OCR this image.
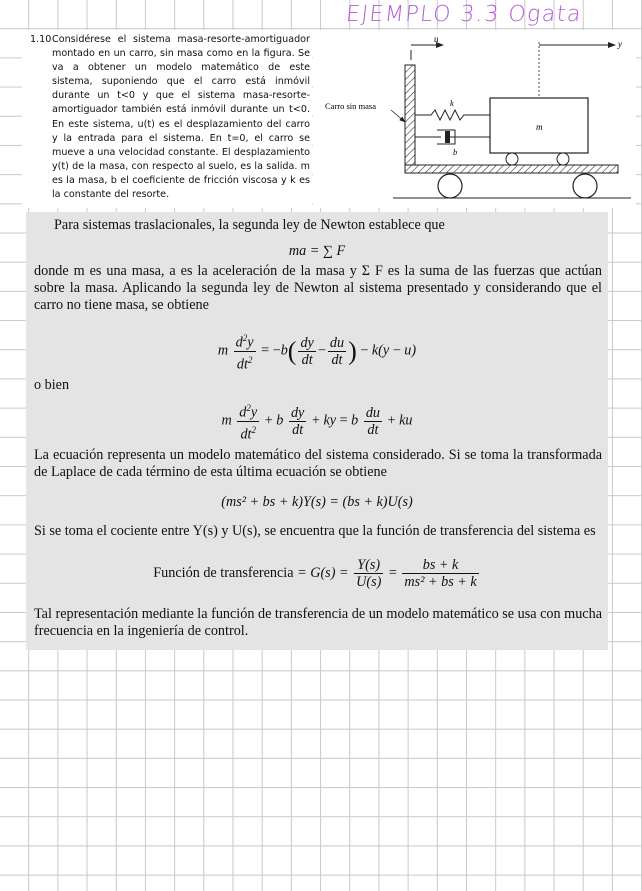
EJEMPLO 3.3 Ogata
1.10 Considérese el sistema masa-resorte-amortiguador montado en un carro, sin masa como en la figura. Se va a obtener un modelo matemático de este sistema, suponiendo que el carro está inmóvil durante un t<0 y que el sistema masa-resorte-amortiguador también está inmóvil durante un t<0. En este sistema, u(t) es el desplazamiento del carro y la entrada para el sistema. En t=0, el carro se mueve a una velocidad constante. El desplazamiento y(t) de la masa, con respecto al suelo, es la salida. m es la masa, b el coeficiente de fricción viscosa y k es la constante del resorte.
u	y
Carro sin masa
m
k
b
Para sistemas traslacionales, la segunda ley de Newton establece que
ma = ∑ F
donde m es una masa, a es la aceleración de la masa y Σ F es la suma de las fuerzas que actúan sobre la masa. Aplicando la segunda ley de Newton al sistema presentado y considerando que el carro no tiene masa, se obtiene
m $\frac{d^2y}{dt^2} = -b( \frac{dy}{dt} - \frac{du}{dt}$ ) − k(y − u)
o bien
m $\frac{d^2y}{dt^2} + b \frac{dy}{dt}$ + ky = b $\frac{du}{dt}$ + ku
La ecuación representa un modelo matemático del sistema considerado. Si se toma la transformada de Laplace de cada término de esta última ecuación se obtiene
(ms² + bs + k)Y(s) = (bs + k)U(s)
Si se toma el cociente entre Y(s) y U(s), se encuentra que la función de transferencia del sistema es
Función de transferencia = $G(s) = \frac{Y(s)}{U(s)} = \frac{bs + k}{\text{ms² + bs + k}}$
Tal representación mediante la función de transferencia de un modelo matemático se usa con mucha frecuencia en la ingeniería de control.
